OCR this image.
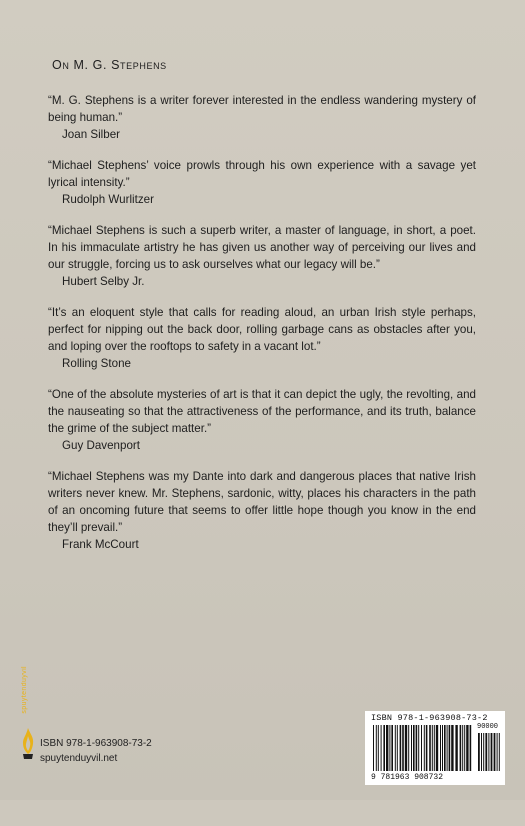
On M. G. Stephens

“M. G. Stephens is a writer forever interested in the endless wandering mystery of being human.”

Joan Silber

“Michael Stephens’ voice prowls through his own experience with a savage yet lyrical intensity.”

Rudolph Wurlitzer

“Michael Stephens is such a superb writer, a master of language, in short, a poet. In his immaculate artistry he has given us another way of perceiving our lives and our struggle, forcing us to ask ourselves what our legacy will be.”

Hubert Selby Jr.

“It’s an eloquent style that calls for reading aloud, an urban Irish style perhaps, perfect for nipping out the back door, rolling garbage cans as obstacles after you, and loping over the rooftops to safety in a vacant lot.”

Rolling Stone

“One of the absolute mysteries of art is that it can depict the ugly, the revolting, and the nauseating so that the attractiveness of the performance, and its truth, balance the grime of the subject matter.”

Guy Davenport

“Michael Stephens was my Dante into dark and dangerous places that native Irish writers never knew. Mr. Stephens, sardonic, witty, places his characters in the path of an oncoming future that seems to offer little hope though you know in the end they’ll prevail.”

Frank McCourt

spuytenduyvil
ISBN 978-1-963908-73-2
spuytenduyvil.net
ISBN 978-1-963908-73-2
90000
9 781963 908732
